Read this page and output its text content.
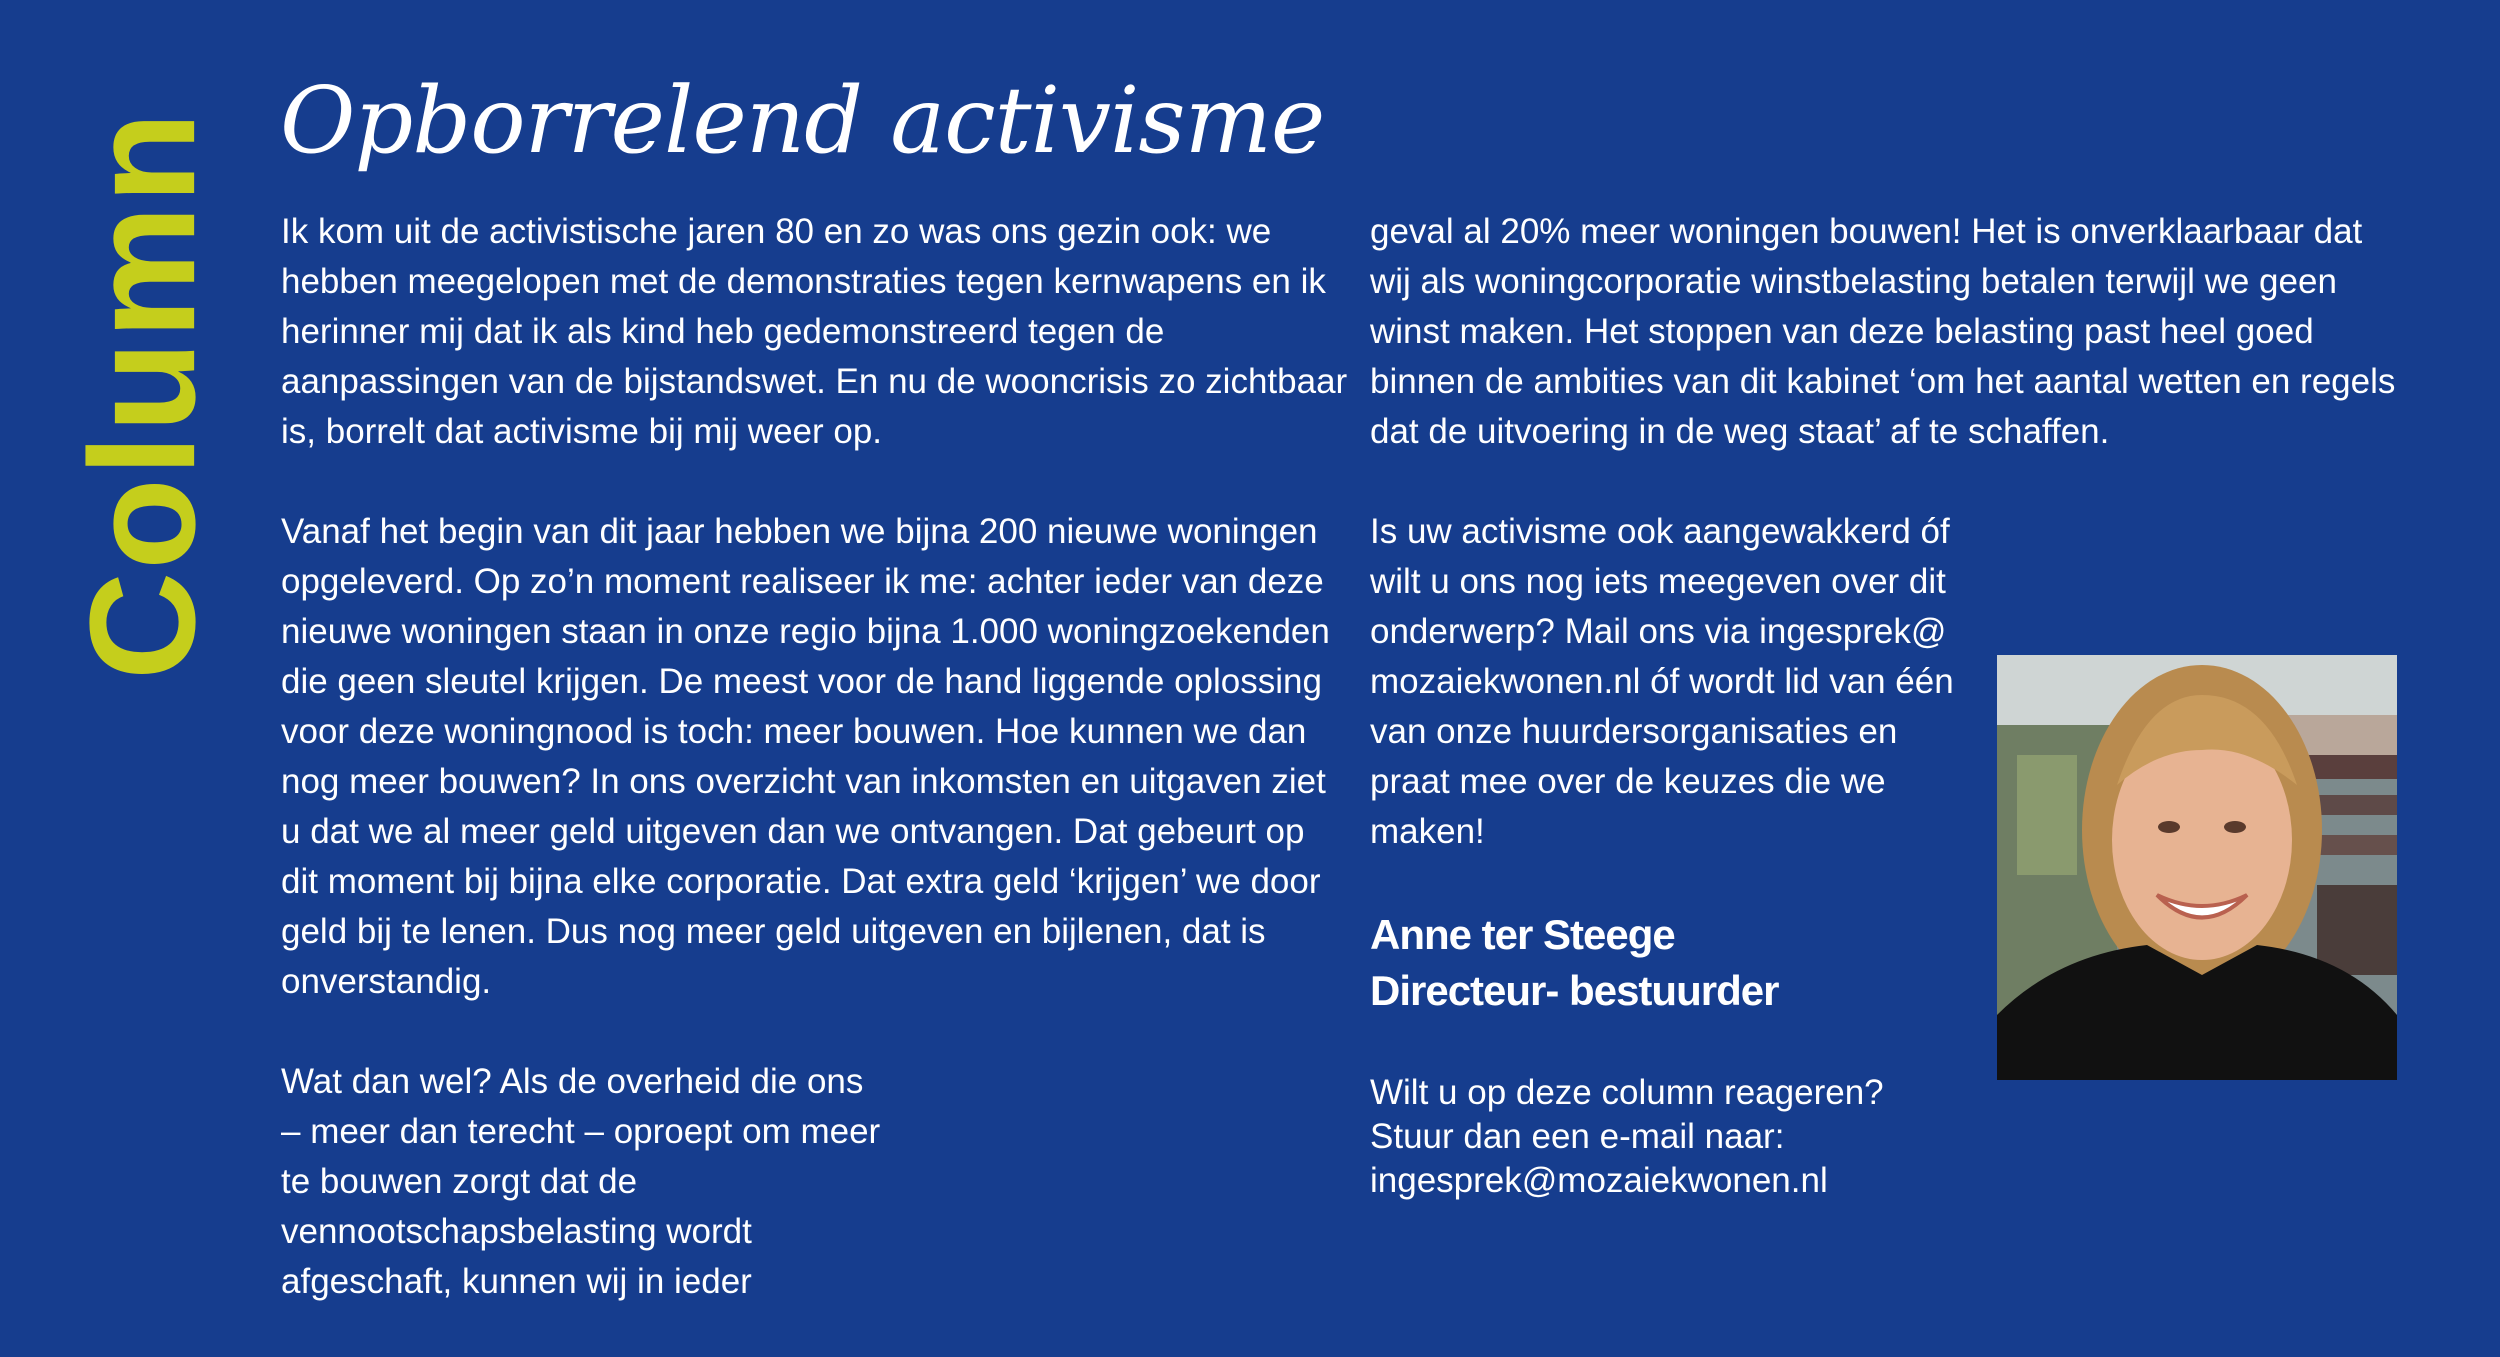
Column Opborrelend activisme

Ik kom uit de activistische jaren 80 en zo was ons gezin ook: we hebben meegelopen met de demonstraties tegen kernwapens en ik herinner mij dat ik als kind heb gedemonstreerd tegen de aanpassingen van de bijstandswet. En nu de wooncrisis zo zichtbaar is, borrelt dat activisme bij mij weer op.

Vanaf het begin van dit jaar hebben we bijna 200 nieuwe woningen opgeleverd. Op zo’n moment realiseer ik me: achter ieder van deze nieuwe woningen staan in onze regio bijna 1.000 woningzoekenden die geen sleutel krijgen. De meest voor de hand liggende oplossing voor deze woningnood is toch: meer bouwen. Hoe kunnen we dan nog meer bouwen? In ons overzicht van inkomsten en uitgaven ziet u dat we al meer geld uitgeven dan we ontvangen. Dat gebeurt op dit moment bij bijna elke corporatie. Dat extra geld ‘krijgen’ we door geld bij te lenen. Dus nog meer geld uitgeven en bijlenen, dat is onverstandig.

Wat dan wel? Als de overheid die ons – meer dan terecht – oproept om meer te bouwen zorgt dat de vennootschapsbelasting wordt afgeschaft, kunnen wij in ieder

geval al 20% meer woningen bouwen! Het is onverklaarbaar dat wij als woningcorporatie winstbelasting betalen terwijl we geen winst maken. Het stoppen van deze belasting past heel goed binnen de ambities van dit kabinet ‘om het aantal wetten en regels dat de uitvoering in de weg staat’ af te schaffen.

Is uw activisme ook aangewakkerd óf wilt u ons nog iets meegeven over dit onderwerp? Mail ons via ingesprek@ mozaiekwonen.nl óf wordt lid van één van onze huurdersorganisaties en praat mee over de keuzes die we maken!

Anne ter Steege
Directeur- bestuurder
Wilt u op deze column reageren?
Stuur dan een e-mail naar:
ingesprek@mozaiekwonen.nl
